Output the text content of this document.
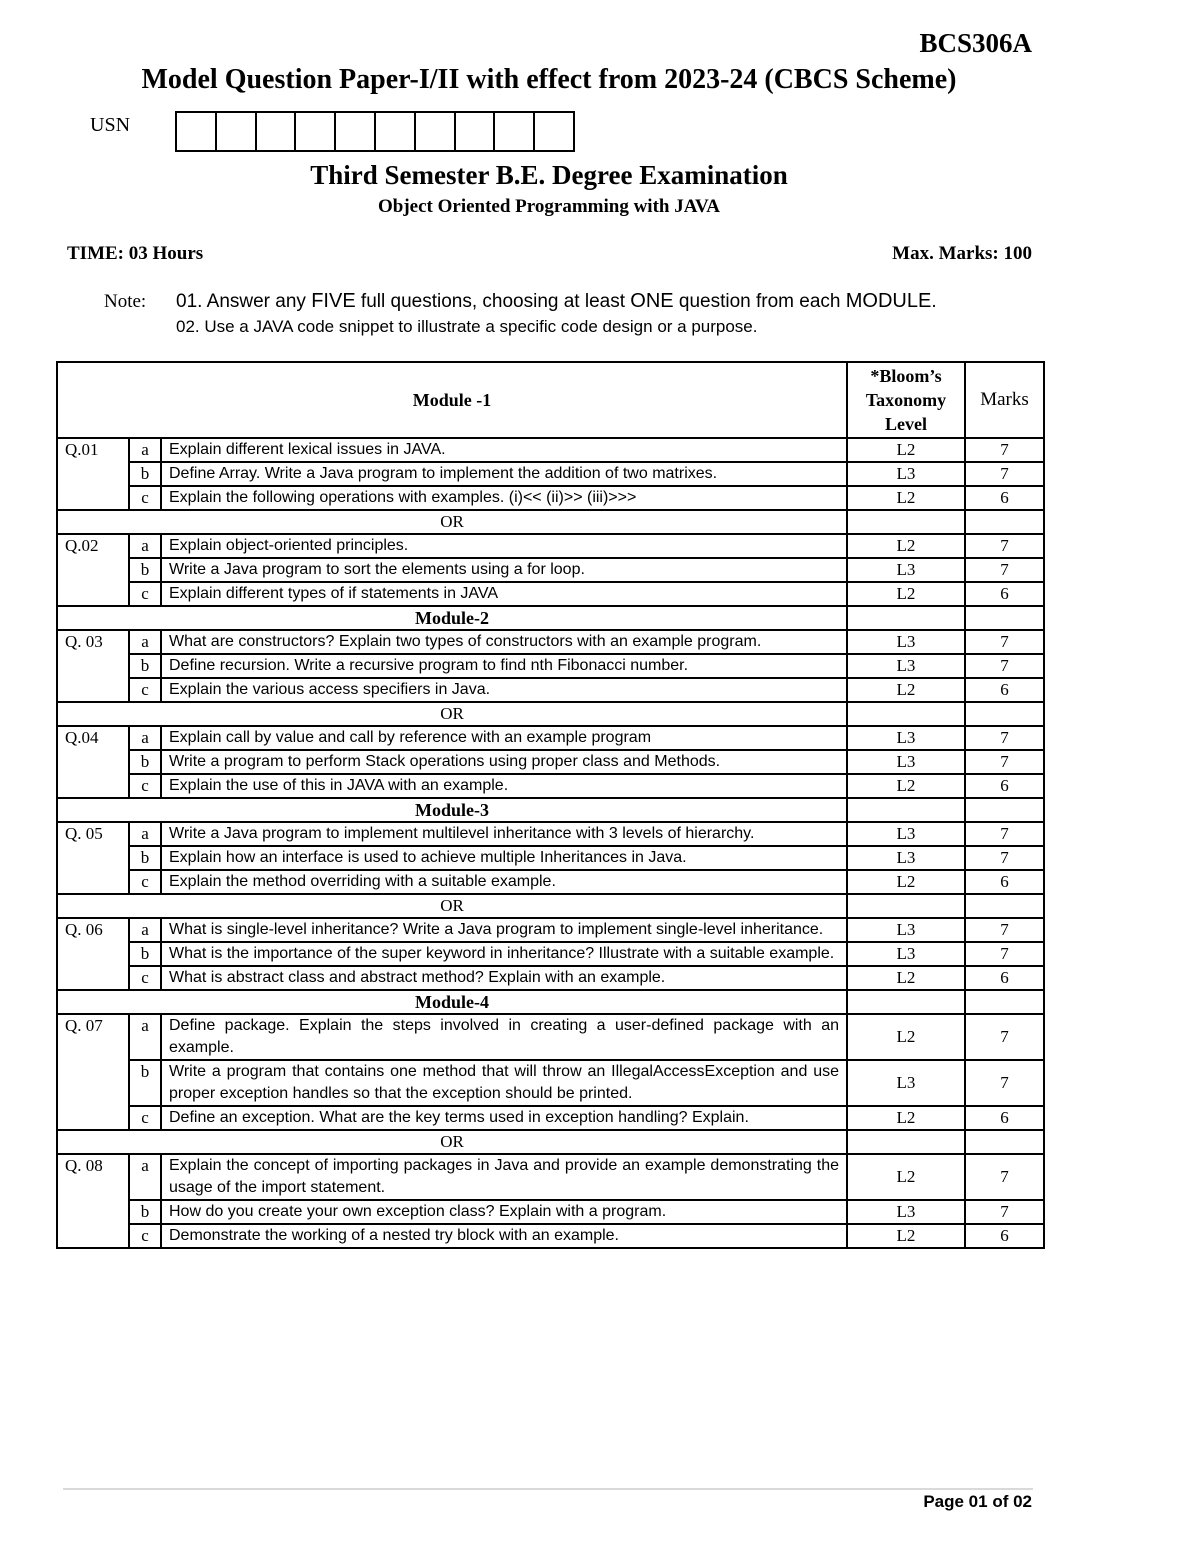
BCS306A
Model Question Paper-I/II with effect from 2023-24 (CBCS Scheme)
USN
Third Semester B.E. Degree Examination
Object Oriented Programming with JAVA
TIME: 03 Hours	Max. Marks: 100
Note: 01. Answer any FIVE full questions, choosing at least ONE question from each MODULE.
02. Use a JAVA code snippet to illustrate a specific code design or a purpose.
Module -1			*Bloom’s Taxonomy Level	Marks
Q.01	a	Explain different lexical issues in JAVA.	L2	7
	b	Define Array. Write a Java program to implement the addition of two matrixes.	L3	7
	c	Explain the following operations with examples. (i)<< (ii)>> (iii)>>>	L2	6
OR				
Q.02	a	Explain object-oriented principles.	L2	7
	b	Write a Java program to sort the elements using a for loop.	L3	7
	c	Explain different types of if statements in JAVA	L2	6
Module-2				
Q. 03	a	What are constructors? Explain two types of constructors with an example program.	L3	7
	b	Define recursion. Write a recursive program to find nth Fibonacci number.	L3	7
	c	Explain the various access specifiers in Java.	L2	6
OR				
Q.04	a	Explain call by value and call by reference with an example program	L3	7
	b	Write a program to perform Stack operations using proper class and Methods.	L3	7
	c	Explain the use of this in JAVA with an example.	L2	6
Module-3				
Q. 05	a	Write a Java program to implement multilevel inheritance with 3 levels of hierarchy.	L3	7
	b	Explain how an interface is used to achieve multiple Inheritances in Java.	L3	7
	c	Explain the method overriding with a suitable example.	L2	6
OR				
Q. 06	a	What is single-level inheritance? Write a Java program to implement single-level inheritance.	L3	7
	b	What is the importance of the super keyword in inheritance? Illustrate with a suitable example.	L3	7
	c	What is abstract class and abstract method? Explain with an example.	L2	6
Module-4				
Q. 07	a	Define package. Explain the steps involved in creating a user-defined package with an example.	L2	7
	b	Write a program that contains one method that will throw an IllegalAccessException and use proper exception handles so that the exception should be printed.	L3	7
	c	Define an exception. What are the key terms used in exception handling? Explain.	L2	6
OR				
Q. 08	a	Explain the concept of importing packages in Java and provide an example demonstrating the usage of the import statement.	L2	7
	b	How do you create your own exception class? Explain with a program.	L3	7
	c	Demonstrate the working of a nested try block with an example.	L2	6
Page 01 of 02
